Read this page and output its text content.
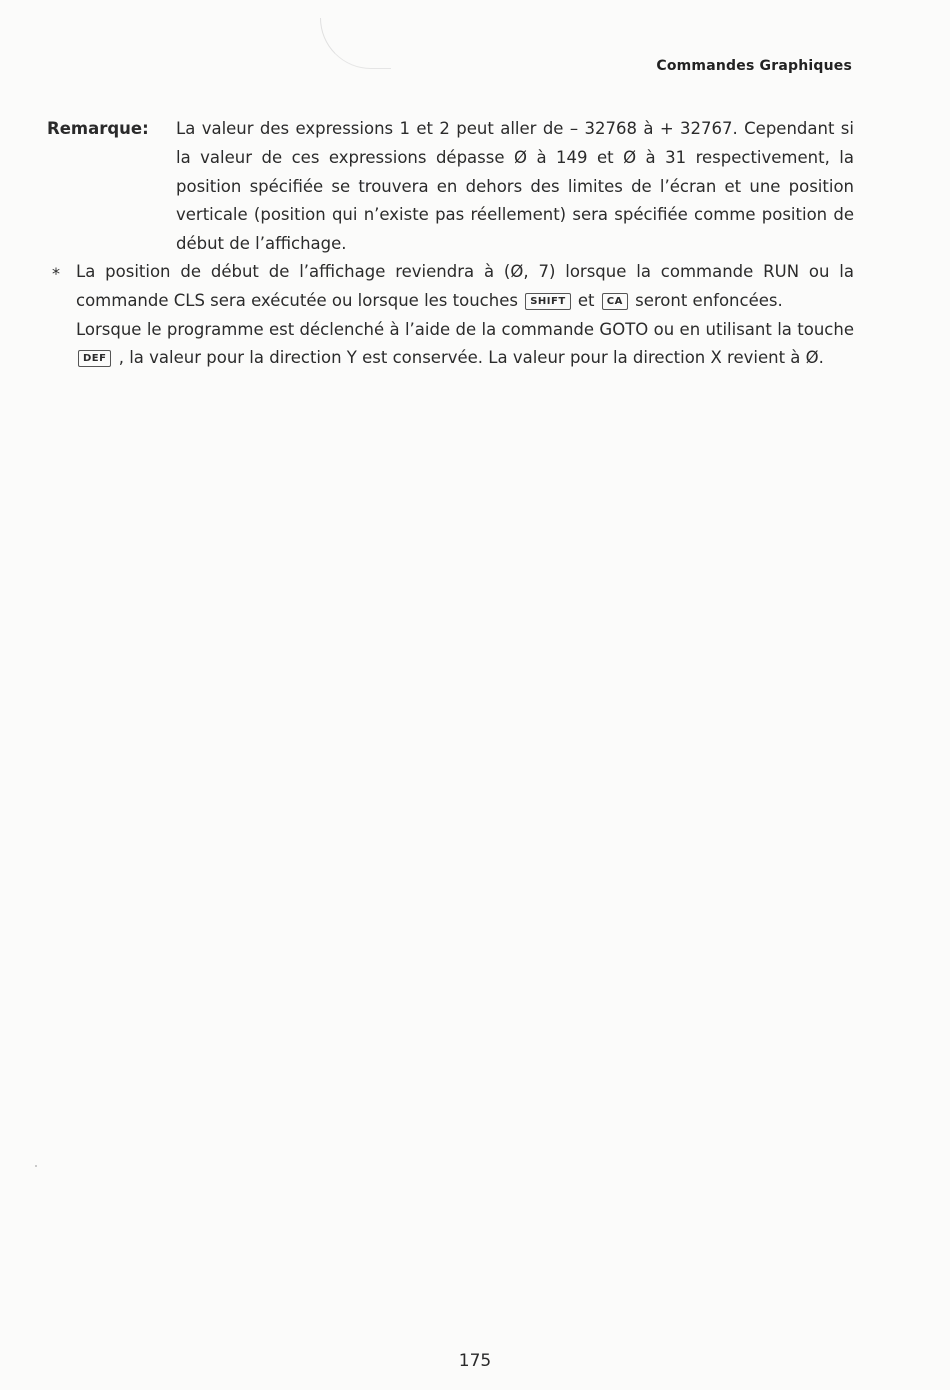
Commandes Graphiques
Remarque: La valeur des expressions 1 et 2 peut aller de – 32768 à + 32767. Cependant si la valeur de ces expressions dépasse Ø à 149 et Ø à 31 respectivement, la position spécifiée se trouvera en dehors des limites de l’écran et une position verticale (position qui n’existe pas réellement) sera spécifiée comme position de début de l’affichage.
* La position de début de l’affichage reviendra à (Ø, 7) lorsque la commande RUN ou la commande CLS sera exécutée ou lorsque les touches SHIFT et CA seront enfoncées.

Lorsque le programme est déclenché à l’aide de la commande GOTO ou en utilisant la touche DEF , la valeur pour la direction Y est conservée. La valeur pour la direction X revient à Ø.

175
